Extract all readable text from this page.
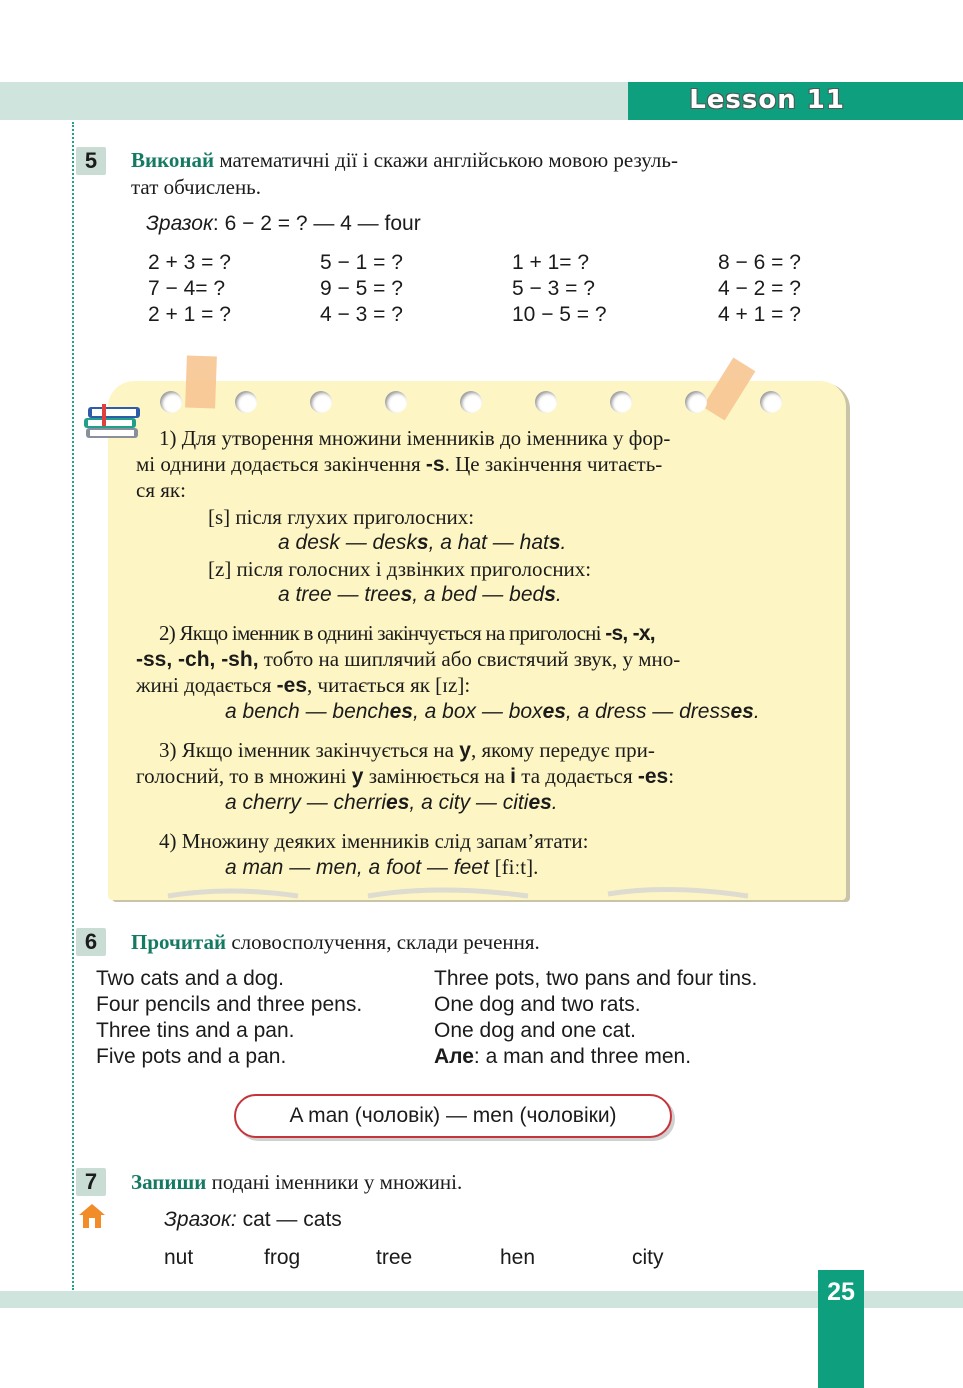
Lesson 11
5	Виконай математичні дії і скажи англійською мовою резуль-
тат обчислень.
Зразок: 6 − 2 = ? — 4 — four
2 + 3 = ?	5 − 1 = ?	1 + 1= ?	8 − 6 = ?
7 − 4= ?	9 − 5 = ?	5 − 3 = ?	4 − 2 = ?
2 + 1 = ?	4 − 3 = ?	10 − 5 = ?	4 + 1 = ?
1) Для утворення множини іменників до іменника у фор-
мі однини додається закінчення -s. Це закінчення читаєть-
ся як:
[s] після глухих приголосних:
a desk — desks, a hat — hats.
[z] після голосних і дзвінких приголосних:
a tree — trees, a bed — beds.
2) Якщо іменник в однині закінчується на приголосні -s, -x,
-ss, -ch, -sh, тобто на шиплячий або свистячий звук, у мно-
жині додається -es, читається як [ɪz]:
a bench — benches, a box — boxes, a dress — dresses.
3) Якщо іменник закінчується на y, якому передує при-
голосний, то в множині y замінюється на i та додається -es:
a cherry — cherries, a city — cities.
4) Множину деяких іменників слід запам’ятати:
a man — men, a foot — feet [fiːt].
6	Прочитай словосполучення, склади речення.
Two cats and a dog.
Four pencils and three pens.
Three tins and a pan.
Five pots and a pan.
Three pots, two pans and four tins.
One dog and two rats.
One dog and one cat.
Але: a man and three men.
A man (чоловік) — men (чоловіки)
7	Запиши подані іменники у множині.
Зразок: cat — cats
nut	frog	tree	hen	city
25
